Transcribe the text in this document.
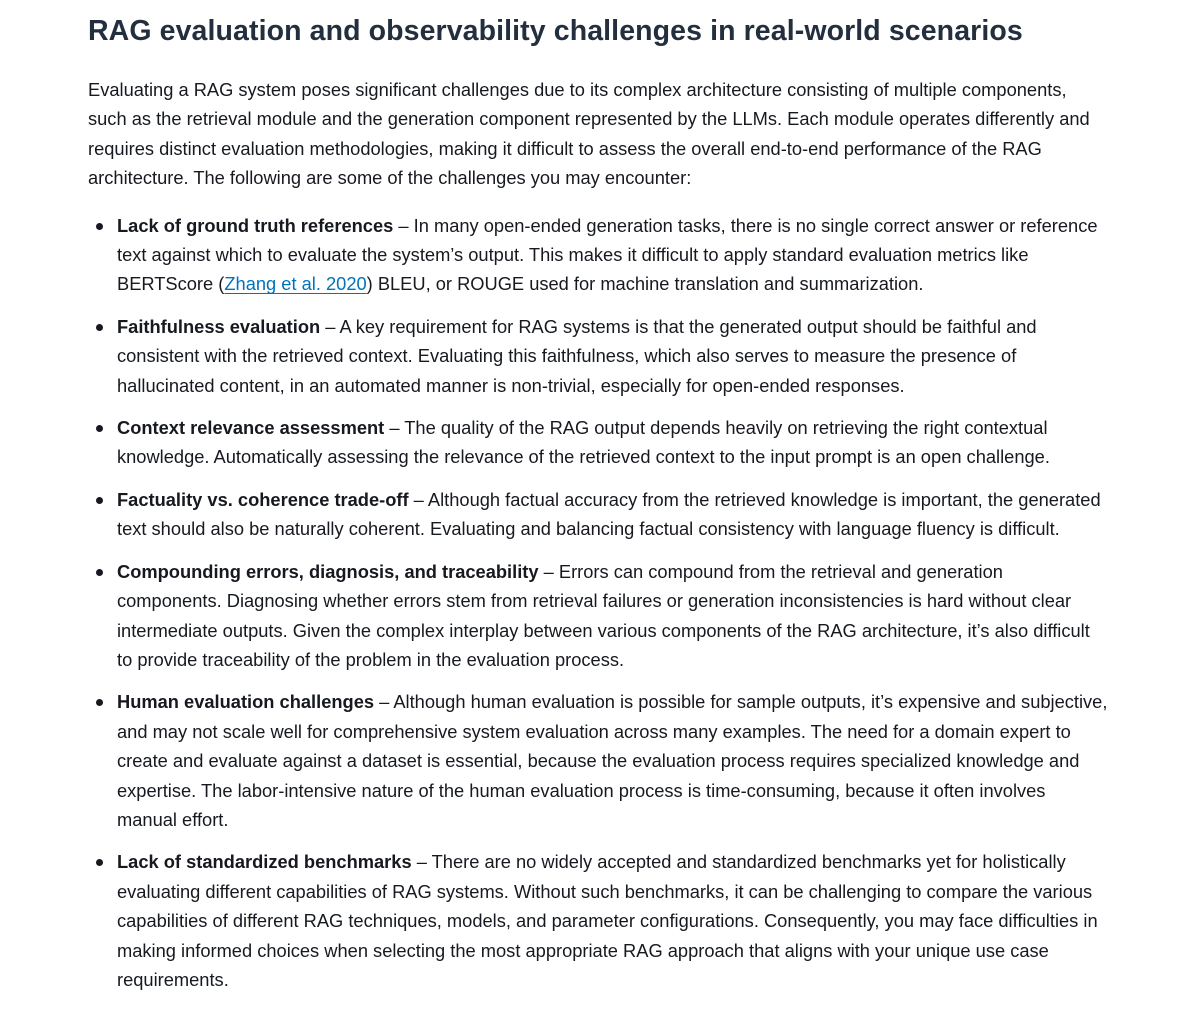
RAG evaluation and observability challenges in real-world scenarios

Evaluating a RAG system poses significant challenges due to its complex architecture consisting of multiple components, such as the retrieval module and the generation component represented by the LLMs. Each module operates differently and requires distinct evaluation methodologies, making it difficult to assess the overall end-to-end performance of the RAG architecture. The following are some of the challenges you may encounter:

Lack of ground truth references – In many open-ended generation tasks, there is no single correct answer or reference text against which to evaluate the system’s output. This makes it difficult to apply standard evaluation metrics like BERTScore (Zhang et al. 2020) BLEU, or ROUGE used for machine translation and summarization.
Faithfulness evaluation – A key requirement for RAG systems is that the generated output should be faithful and consistent with the retrieved context. Evaluating this faithfulness, which also serves to measure the presence of hallucinated content, in an automated manner is non-trivial, especially for open-ended responses.
Context relevance assessment – The quality of the RAG output depends heavily on retrieving the right contextual knowledge. Automatically assessing the relevance of the retrieved context to the input prompt is an open challenge.
Factuality vs. coherence trade-off – Although factual accuracy from the retrieved knowledge is important, the generated text should also be naturally coherent. Evaluating and balancing factual consistency with language fluency is difficult.
Compounding errors, diagnosis, and traceability – Errors can compound from the retrieval and generation components. Diagnosing whether errors stem from retrieval failures or generation inconsistencies is hard without clear intermediate outputs. Given the complex interplay between various components of the RAG architecture, it’s also difficult to provide traceability of the problem in the evaluation process.
Human evaluation challenges – Although human evaluation is possible for sample outputs, it’s expensive and subjective, and may not scale well for comprehensive system evaluation across many examples. The need for a domain expert to create and evaluate against a dataset is essential, because the evaluation process requires specialized knowledge and expertise. The labor-intensive nature of the human evaluation process is time-consuming, because it often involves manual effort.
Lack of standardized benchmarks – There are no widely accepted and standardized benchmarks yet for holistically evaluating different capabilities of RAG systems. Without such benchmarks, it can be challenging to compare the various capabilities of different RAG techniques, models, and parameter configurations. Consequently, you may face difficulties in making informed choices when selecting the most appropriate RAG approach that aligns with your unique use case requirements.
